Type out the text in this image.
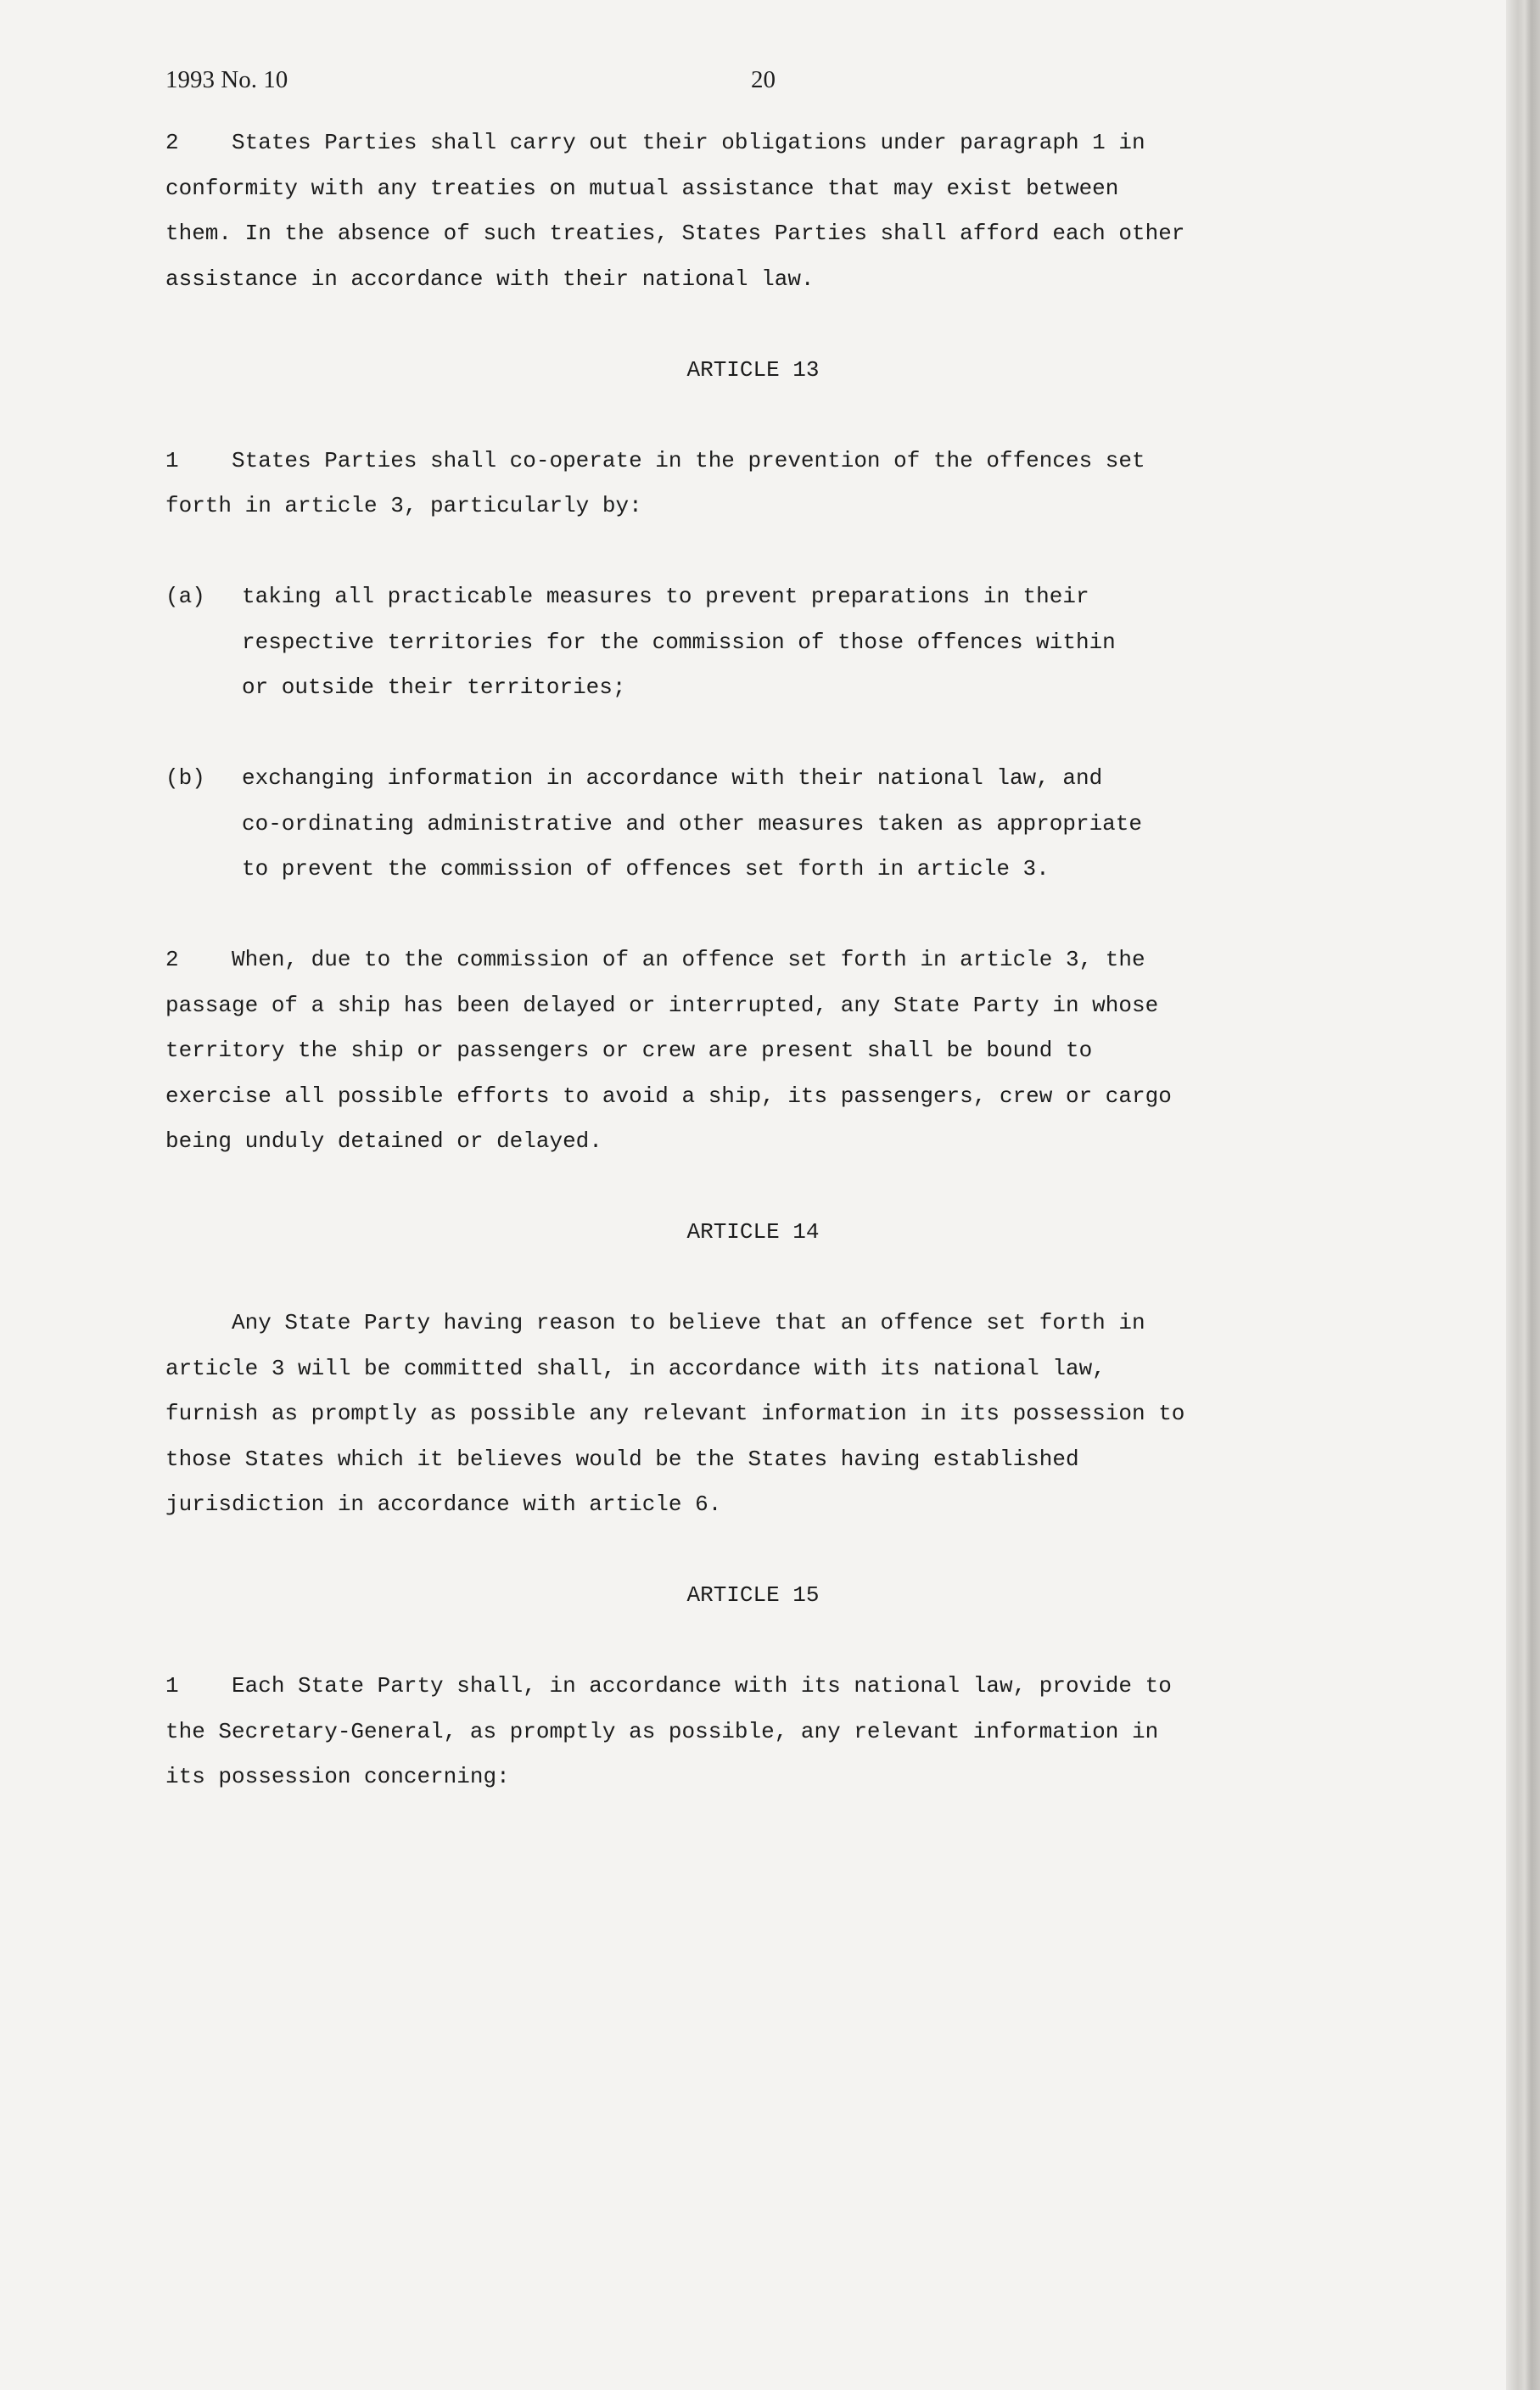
1993 No. 10	20
2    States Parties shall carry out their obligations under paragraph 1 in
conformity with any treaties on mutual assistance that may exist between
them. In the absence of such treaties, States Parties shall afford each other
assistance in accordance with their national law.
ARTICLE 13
1    States Parties shall co-operate in the prevention of the offences set
forth in article 3, particularly by:
(a) taking all practicable measures to prevent preparations in their
respective territories for the commission of those offences within
or outside their territories;
(b) exchanging information in accordance with their national law, and
co-ordinating administrative and other measures taken as appropriate
to prevent the commission of offences set forth in article 3.
2    When, due to the commission of an offence set forth in article 3, the
passage of a ship has been delayed or interrupted, any State Party in whose
territory the ship or passengers or crew are present shall be bound to
exercise all possible efforts to avoid a ship, its passengers, crew or cargo
being unduly detained or delayed.
ARTICLE 14
Any State Party having reason to believe that an offence set forth in
article 3 will be committed shall, in accordance with its national law,
furnish as promptly as possible any relevant information in its possession to
those States which it believes would be the States having established
jurisdiction in accordance with article 6.
ARTICLE 15
1    Each State Party shall, in accordance with its national law, provide to
the Secretary-General, as promptly as possible, any relevant information in
its possession concerning:
